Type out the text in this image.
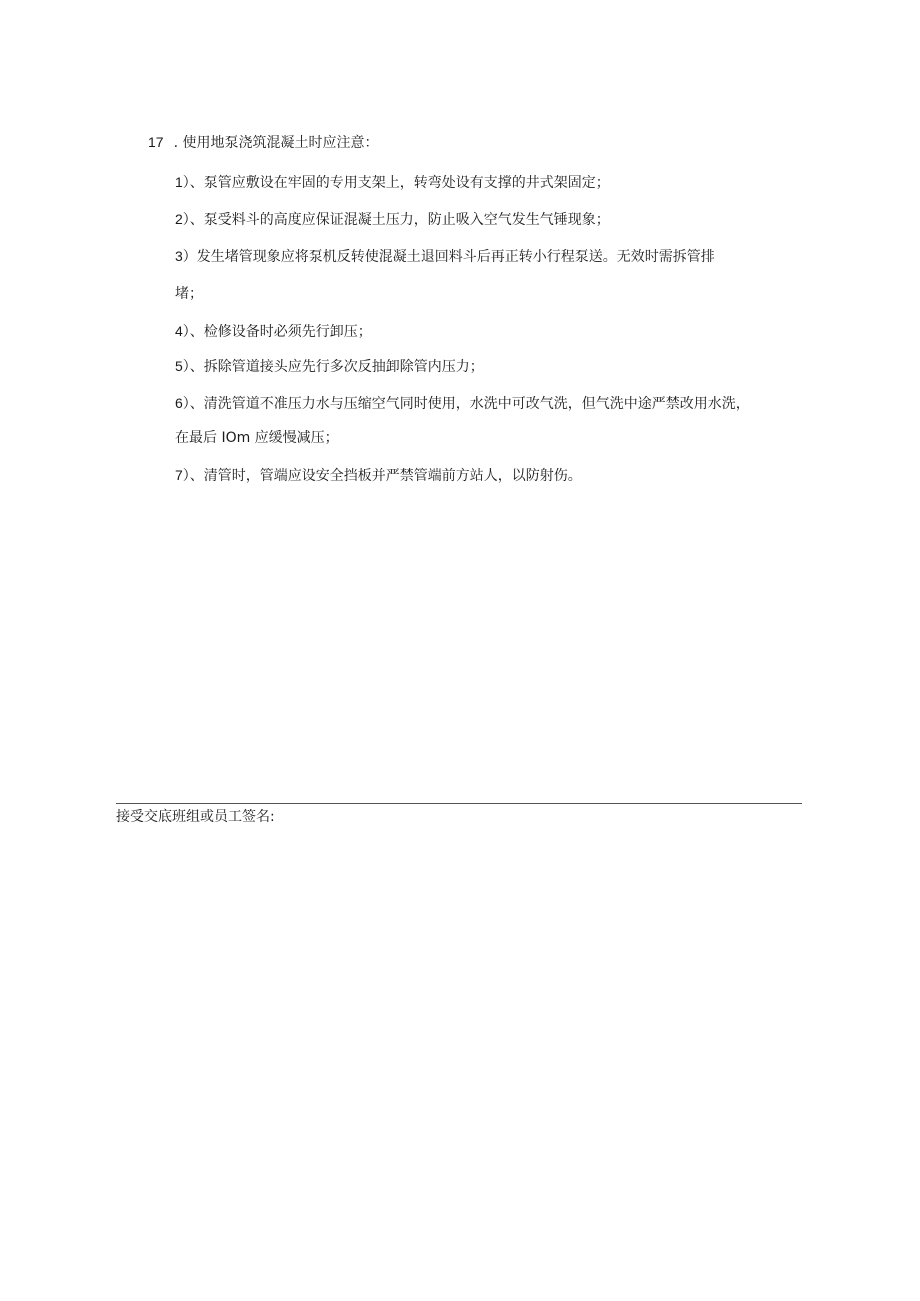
17 . 使用地泵浇筑混凝土时应注意：
1）、泵管应敷设在牢固的专用支架上，转弯处设有支撑的井式架固定；
2）、泵受料斗的高度应保证混凝土压力，防止吸入空气发生气锤现象；
3）发生堵管现象应将泵机反转使混凝土退回料斗后再正转小行程泵送。无效时需拆管排
堵；
4）、检修设备时必须先行卸压；
5）、拆除管道接头应先行多次反抽卸除管内压力；
6）、清洗管道不准压力水与压缩空气同时使用，水洗中可改气洗，但气洗中途严禁改用水洗，
在最后 IOm 应缓慢减压；
7）、清管时，管端应设安全挡板并严禁管端前方站人，以防射伤。
接受交底班组或员工签名:
